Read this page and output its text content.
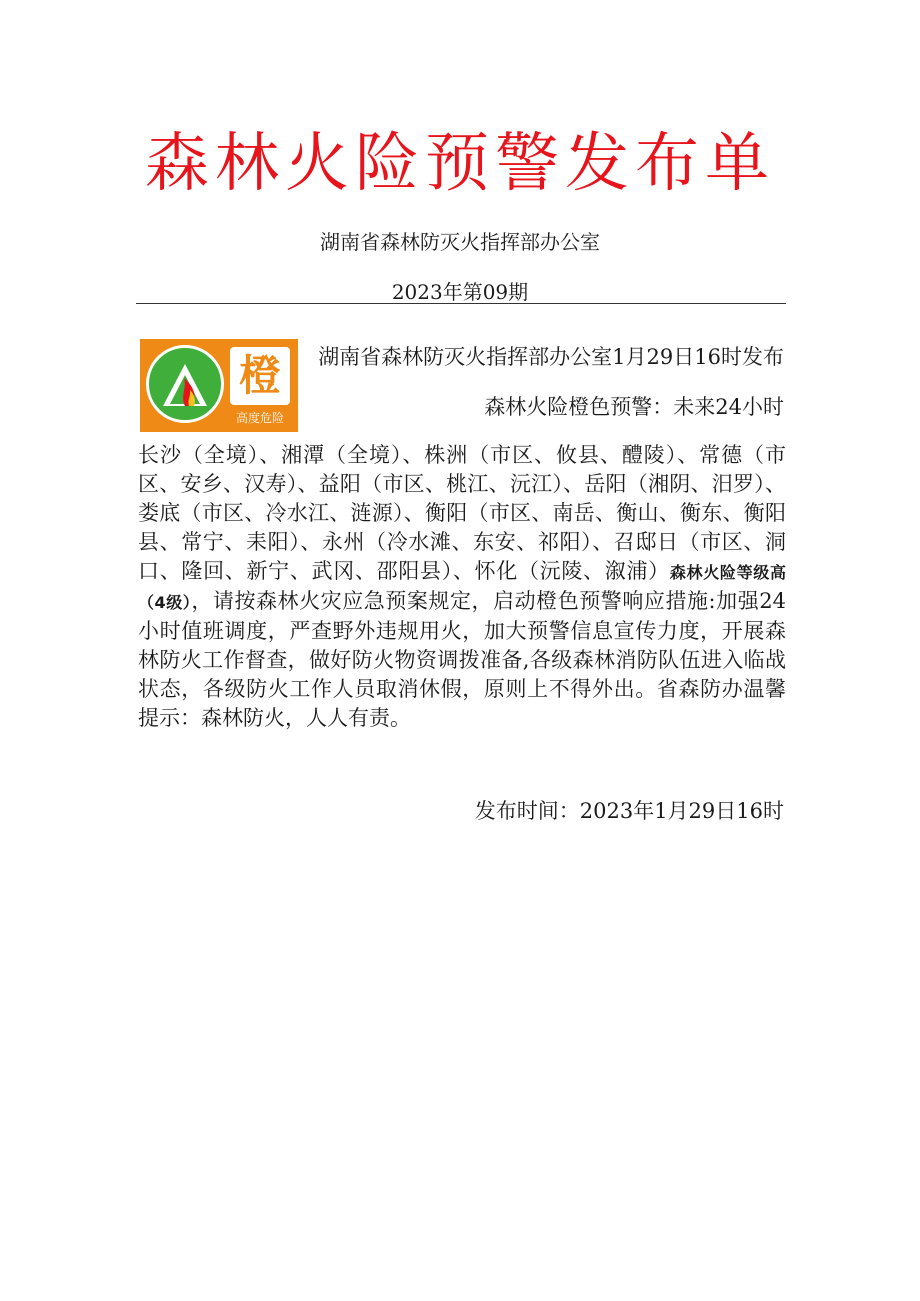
森林火险预警发布单

湖南省森林防灭火指挥部办公室

2023年第09期

橙
高度危险

湖南省森林防灭火指挥部办公室1月29日16时发布

森林火险橙色预警：未来24小时

长沙（全境）、湘潭（全境）、株洲（市区、攸县、醴陵）、常德（市区、安乡、汉寿）、益阳（市区、桃江、沅江）、岳阳（湘阴、汨罗）、娄底（市区、冷水江、涟源）、衡阳（市区、南岳、衡山、衡东、衡阳县、常宁、耒阳）、永州（冷水滩、东安、祁阳）、召邸日（市区、洞口、隆回、新宁、武冈、邵阳县）、怀化（沅陵、溆浦）森林火险等级高（4级），请按森林火灾应急预案规定，启动橙色预警响应措施:加强24小时值班调度，严查野外违规用火，加大预警信息宣传力度，开展森林防火工作督查，做好防火物资调拨准备,各级森林消防队伍进入临战状态，各级防火工作人员取消休假，原则上不得外出。省森防办温馨提示：森林防火，人人有责。

发布时间：2023年1月29日16时
